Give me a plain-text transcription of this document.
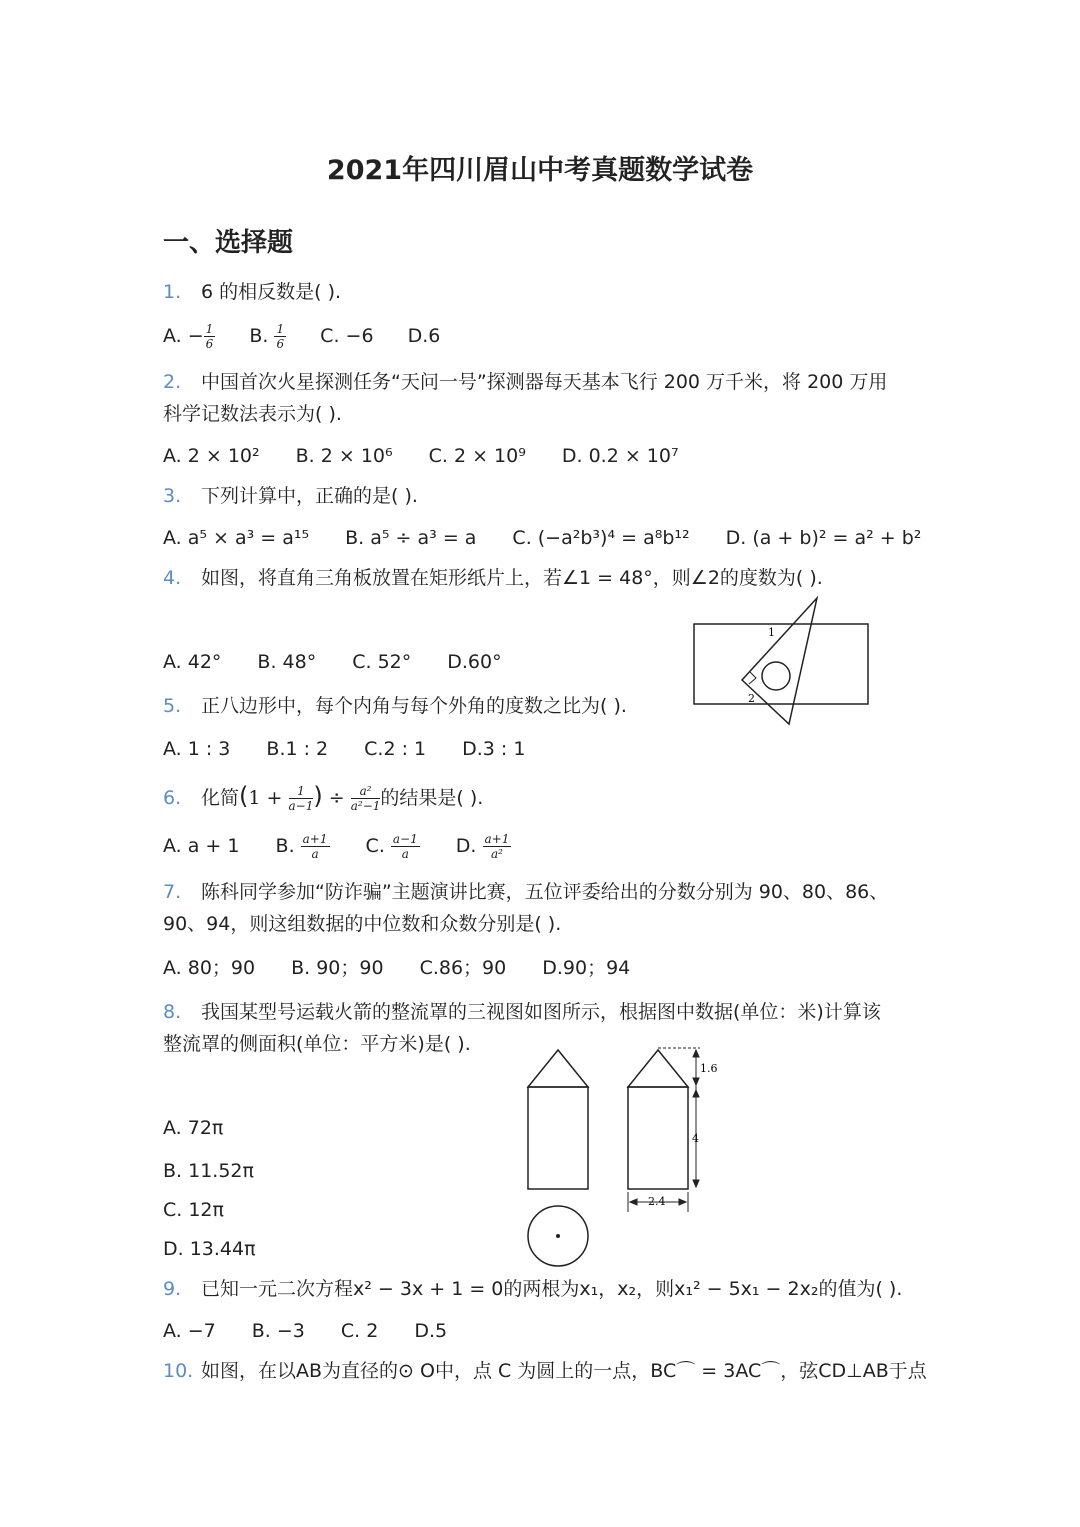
2021年四川眉山中考真题数学试卷
一、选择题
1. 6 的相反数是( ).
A. − $\frac{1}{6} B$. $\frac{1}{6} C$. −6 D.6
2. 中国首次火星探测任务“天问一号”探测器每天基本飞行 200 万千米，将 200 万用
科学记数法表示为( ).
A. 2 × 10² B. 2 × 10⁶ C. 2 × 10⁹ D. 0.2 × 10⁷
3. 下列计算中，正确的是( ).
A. a⁵ × a³ = a¹⁵ B. a⁵ ÷ a³ = a C. (−a²b³)⁴ = a⁸b¹² D. (a + b)² = a² + b²
4. 如图，将直角三角板放置在矩形纸片上，若∠1 = 48°，则∠2的度数为( ).
A. 42° B. 48° C. 52° D.60°
1
2
5. 正八边形中，每个内角与每个外角的度数之比为( ).
A. 1 : 3 B.1 : 2 C.2 : 1 D.3 : 1
6. 化简($1 + \frac{1}{a-1}$ ) ÷ $\frac{\text{a²}}{\text{a²−1}}$ 的结果是( ).
A. a + 1 B. $\frac{a+1}{a} C$. $\frac{a-1}{a} D$. $\frac{a+1}{\text{a²}}$
7. 陈科同学参加“防诈骗”主题演讲比赛，五位评委给出的分数分别为 90、80、86、
90、94，则这组数据的中位数和众数分别是( ).
A. 80；90 B. 90；90 C.86；90 D.90；94
8. 我国某型号运载火箭的整流罩的三视图如图所示，根据图中数据(单位：米)计算该
整流罩的侧面积(单位：平方米)是( ).
A. 72π
B. 11.52π
C. 12π
D. 13.44π
1.6
4
2.4
9. 已知一元二次方程x² − 3x + 1 = 0的两根为x₁，x₂，则x₁² − 5x₁ − 2x₂的值为( ).
A. −7 B. −3 C. 2 D.5
10. 如图，在以AB为直径的⊙ O中，点 C 为圆上的一点，BC⌒ = 3AC⌒，弦CD⊥AB于点
